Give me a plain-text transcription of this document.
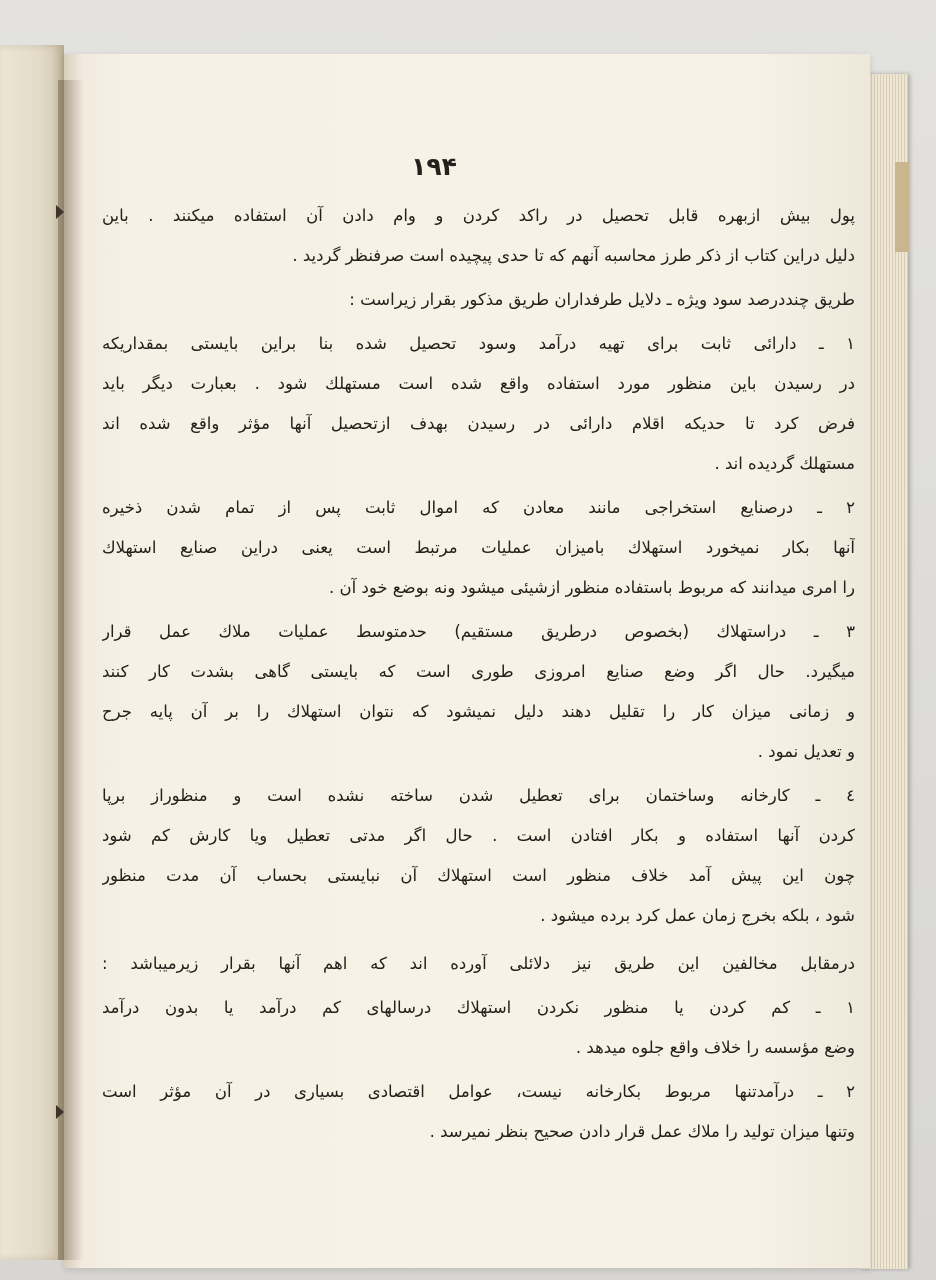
۱۹۴
پول بیش ازبهره قابل تحصیل در راکد کردن و وام دادن آن استفاده میکنند . باین
دلیل دراین کتاب از ذکر طرز محاسبه آنهم که تا حدی پیچیده است صرفنظر گردید .
طریق چنددرصد سود ویژه ـ دلایل طرفداران طریق مذکور بقرار زیراست :
۱ ـ دارائی ثابت برای تهیه درآمد وسود تحصیل شده بنا براین بایستی بمقداریکه
در رسیدن باین منظور مورد استفاده واقع شده است مستهلك شود . بعبارت دیگر باید
فرض کرد تا حدیکه اقلام دارائی در رسیدن بهدف ازتحصیل آنها مؤثر واقع شده اند
مستهلك گردیده اند .
۲ ـ درصنایع استخراجی مانند معادن که اموال ثابت پس از تمام شدن ذخیره
آنها بکار نمیخورد استهلاك بامیزان عملیات مرتبط است یعنی دراین صنایع استهلاك
را امری میدانند که مربوط باستفاده منظور ازشیئی میشود ونه بوضع خود آن .
۳ ـ دراستهلاك (بخصوص درطریق مستقیم) حدمتوسط عملیات ملاك عمل قرار
میگیرد. حال اگر وضع صنایع امروزی طوری است که بایستی گاهی بشدت کار کنند
و زمانی میزان کار را تقلیل دهند دلیل نمیشود که نتوان استهلاك را بر آن پایه جرح
و تعدیل نمود .
٤ ـ کارخانه وساختمان برای تعطیل شدن ساخته نشده است و منظوراز برپا
کردن آنها استفاده و بکار افتادن است . حال اگر مدتی تعطیل ویا کارش کم شود
چون این پیش آمد خلاف منظور است استهلاك آن نبایستی بحساب آن مدت منظور
شود ، بلکه بخرج زمان عمل کرد برده میشود .
درمقابل مخالفین این طریق نیز دلائلی آورده اند که اهم آنها بقرار زیرمیباشد :
۱ ـ کم کردن یا منظور نکردن استهلاك درسالهای کم درآمد یا بدون درآمد
وضع مؤسسه را خلاف واقع جلوه میدهد .
۲ ـ درآمدتنها مربوط بکارخانه نیست، عوامل اقتصادی بسیاری در آن مؤثر است
وتنها میزان تولید را ملاك عمل قرار دادن صحیح بنظر نمیرسد .
